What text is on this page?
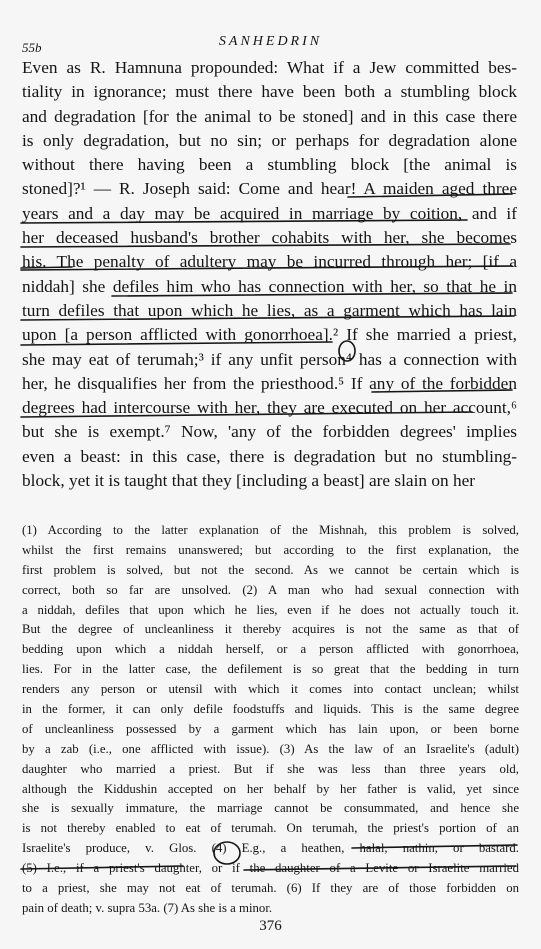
55b	SANHEDRIN
Even as R. Hamnuna propounded: What if a Jew committed bes-
tiality in ignorance; must there have been both a stumbling block
and degradation [for the animal to be stoned] and in this case there
is only degradation, but no sin; or perhaps for degradation alone
without there having been a stumbling block [the animal is
stoned]?¹ — R. Joseph said: Come and hear! A maiden aged three
years and a day may be acquired in marriage by coition, and if
her deceased husband's brother cohabits with her, she becomes
his. The penalty of adultery may be incurred through her; [if a
niddah] she defiles him who has connection with her, so that he in
turn defiles that upon which he lies, as a garment which has lain
upon [a person afflicted with gonorrhoea].² If she married a priest,
she may eat of terumah;³ if any unfit person⁴ has a connection with
her, he disqualifies her from the priesthood.⁵ If any of the forbidden
degrees had intercourse with her, they are executed on her account,⁶
but she is exempt.⁷ Now, 'any of the forbidden degrees' implies
even a beast: in this case, there is degradation but no stumbling-
block, yet it is taught that they [including a beast] are slain on her
(1) According to the latter explanation of the Mishnah, this problem is solved,
whilst the first remains unanswered; but according to the first explanation, the
first problem is solved, but not the second. As we cannot be certain which is
correct, both so far are unsolved. (2) A man who had sexual connection with
a niddah, defiles that upon which he lies, even if he does not actually touch it.
But the degree of uncleanliness it thereby acquires is not the same as that of
bedding upon which a niddah herself, or a person afflicted with gonorrhoea,
lies. For in the latter case, the defilement is so great that the bedding in turn
renders any person or utensil with which it comes into contact unclean; whilst
in the former, it can only defile foodstuffs and liquids. This is the same degree
of uncleanliness possessed by a garment which has lain upon, or been borne
by a zab (i.e., one afflicted with issue). (3) As the law of an Israelite's (adult)
daughter who married a priest. But if she was less than three years old,
although the Kiddushin accepted on her behalf by her father is valid, yet since
she is sexually immature, the marriage cannot be consummated, and hence she
is not thereby enabled to eat of terumah. On terumah, the priest's portion of an
Israelite's produce, v. Glos. (4) E.g., a heathen, halal, nathin, or bastard.
(5) I.e., if a priest's daughter, or if the daughter of a Levite or Israelite married
to a priest, she may not eat of terumah. (6) If they are of those forbidden on
pain of death; v. supra 53a. (7) As she is a minor.
376
